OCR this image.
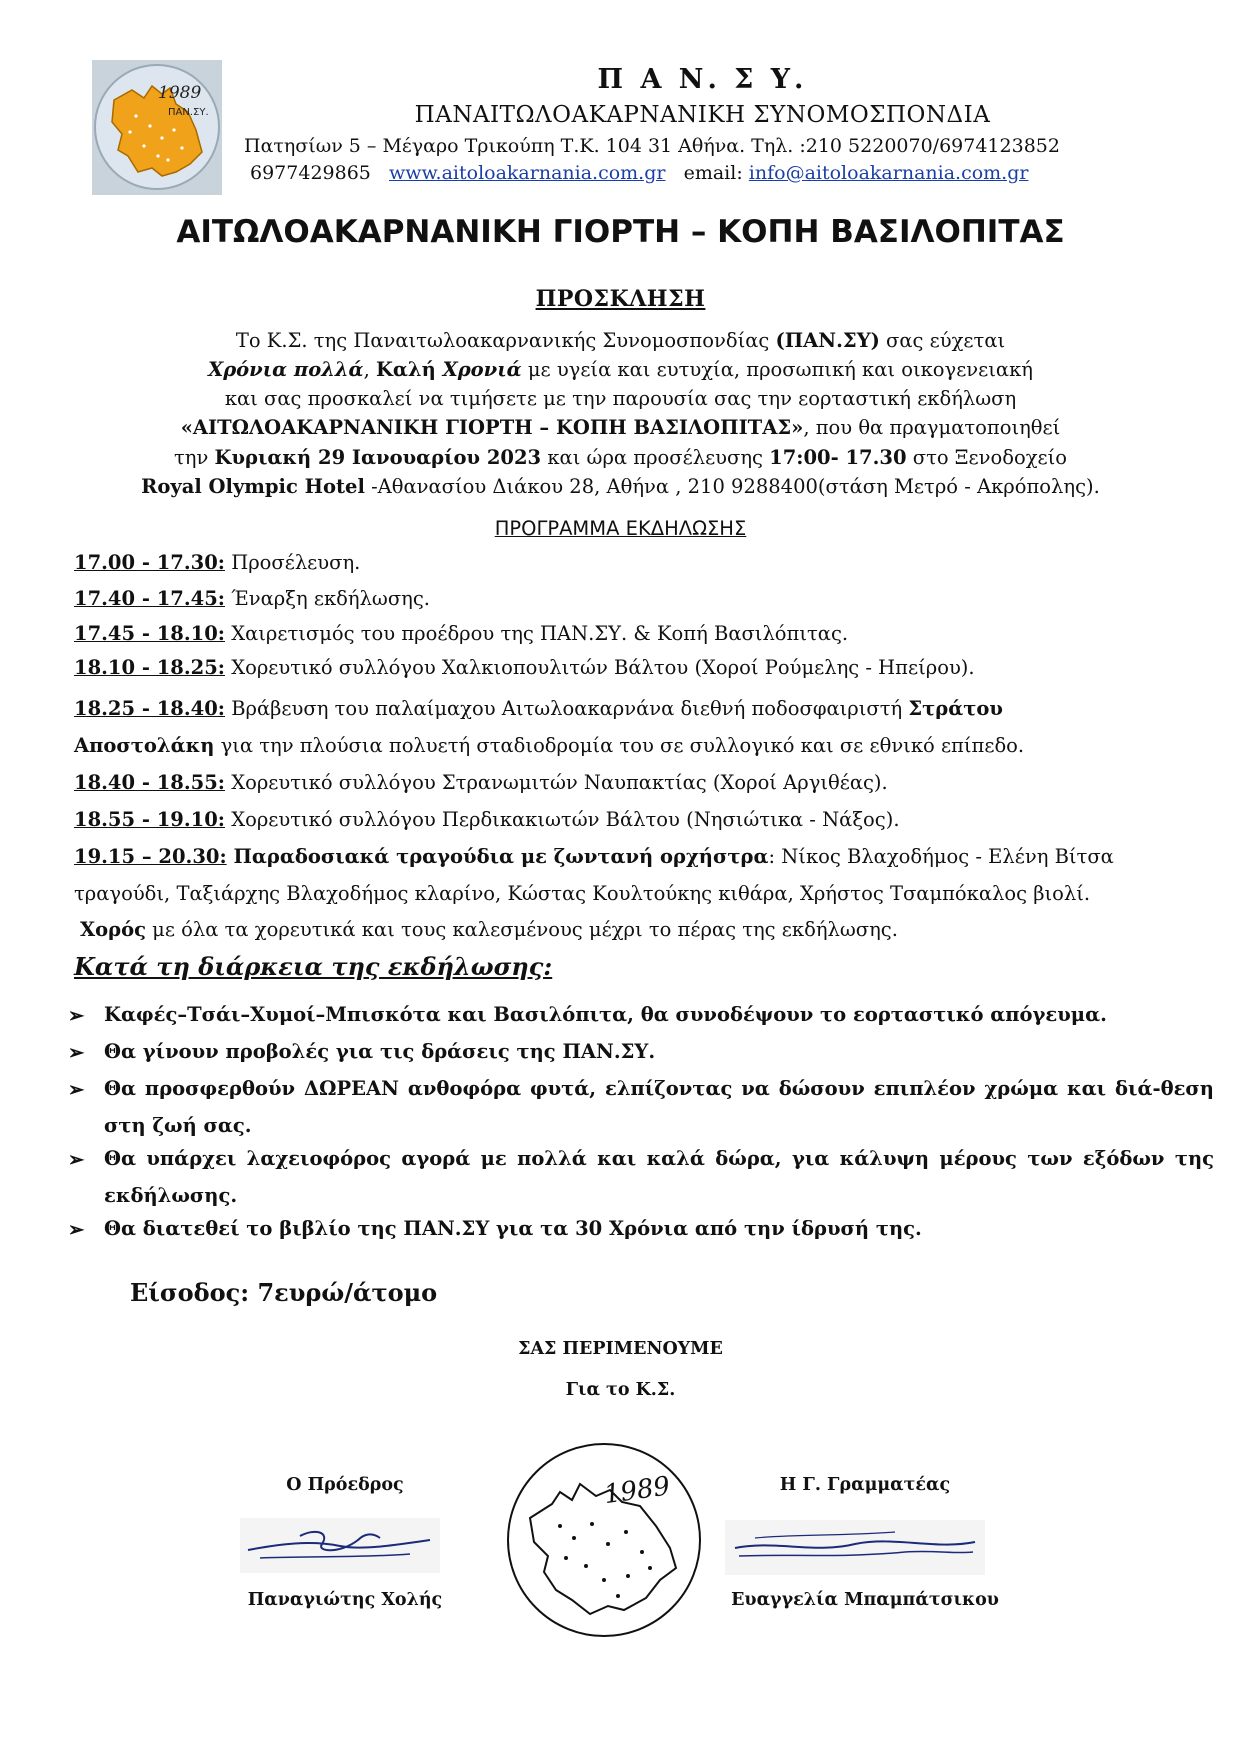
1989
ΠΑΝ.ΣΥ.
Π Α Ν. Σ Υ.
ΠΑΝΑΙΤΩΛΟΑΚΑΡΝΑΝΙΚΗ ΣΥΝΟΜΟΣΠΟΝΔΙΑ
Πατησίων 5 – Μέγαρο Τρικούπη Τ.Κ. 104 31 Αθήνα. Τηλ. :210 5220070/6974123852
6977429865 www.aitoloakarnania.com.gr email: info@aitoloakarnania.com.gr
ΑΙΤΩΛΟΑΚΑΡΝΑΝΙΚΗ ΓΙΟΡΤΗ – ΚΟΠΗ ΒΑΣΙΛΟΠΙΤΑΣ
ΠΡΟΣΚΛΗΣΗ
Το Κ.Σ. της Παναιτωλοακαρνανικής Συνομοσπονδίας (ΠΑΝ.ΣΥ) σας εύχεται
Χρόνια πολλά, Καλή Χρονιά με υγεία και ευτυχία, προσωπική και οικογενειακή
και σας προσκαλεί να τιμήσετε με την παρουσία σας την εορταστική εκδήλωση
«ΑΙΤΩΛΟΑΚΑΡΝΑΝΙΚΗ ΓΙΟΡΤΗ – ΚΟΠΗ ΒΑΣΙΛΟΠΙΤΑΣ», που θα πραγματοποιηθεί
την Κυριακή 29 Ιανουαρίου 2023 και ώρα προσέλευσης 17:00- 17.30 στο Ξενοδοχείο
Royal Olympic Hotel -Αθανασίου Διάκου 28, Αθήνα , 210 9288400(στάση Μετρό - Ακρόπολης).
ΠΡΟΓΡΑΜΜΑ ΕΚΔΗΛΩΣΗΣ
17.00 - 17.30: Προσέλευση.
17.40 - 17.45: Έναρξη εκδήλωσης.
17.45 - 18.10: Χαιρετισμός του προέδρου της ΠΑΝ.ΣΥ. & Κοπή Βασιλόπιτας.
18.10 - 18.25: Χορευτικό συλλόγου Χαλκιοπουλιτών Βάλτου (Χοροί Ρούμελης - Ηπείρου).
18.25 - 18.40: Βράβευση του παλαίμαχου Αιτωλοακαρνάνα διεθνή ποδοσφαιριστή Στράτου
Αποστολάκη για την πλούσια πολυετή σταδιοδρομία του σε συλλογικό και σε εθνικό επίπεδο.
18.40 - 18.55: Χορευτικό συλλόγου Στρανωμιτών Ναυπακτίας (Χοροί Αργιθέας).
18.55 - 19.10: Χορευτικό συλλόγου Περδικακιωτών Βάλτου (Νησιώτικα - Νάξος).
19.15 – 20.30: Παραδοσιακά τραγούδια με ζωντανή ορχήστρα: Νίκος Βλαχοδήμος - Ελένη Βίτσα
τραγούδι, Ταξιάρχης Βλαχοδήμος κλαρίνο, Κώστας Κουλτούκης κιθάρα, Χρήστος Τσαμπόκαλος βιολί.
Χορός με όλα τα χορευτικά και τους καλεσμένους μέχρι το πέρας της εκδήλωσης.
Κατά τη διάρκεια της εκδήλωσης:
➢ Καφές–Τσάι–Χυμοί–Μπισκότα και Βασιλόπιτα, θα συνοδέψουν το εορταστικό απόγευμα.
➢ Θα γίνουν προβολές για τις δράσεις της ΠΑΝ.ΣΥ.
➢ Θα προσφερθούν ΔΩΡΕΑΝ ανθοφόρα φυτά, ελπίζοντας να δώσουν επιπλέον χρώμα και διά-θεση στη ζωή σας.
➢ Θα υπάρχει λαχειοφόρος αγορά με πολλά και καλά δώρα, για κάλυψη μέρους των εξόδων της εκδήλωσης.
➢ Θα διατεθεί το βιβλίο της ΠΑΝ.ΣΥ για τα 30 Χρόνια από την ίδρυσή της.
Είσοδος: 7ευρώ/άτομο
ΣΑΣ ΠΕΡΙΜΕΝΟΥΜΕ
Για το Κ.Σ.
Ο Πρόεδρος	Η Γ. Γραμματέας
Παναγιώτης Χολής	Ευαγγελία Μπαμπάτσικου
1989
